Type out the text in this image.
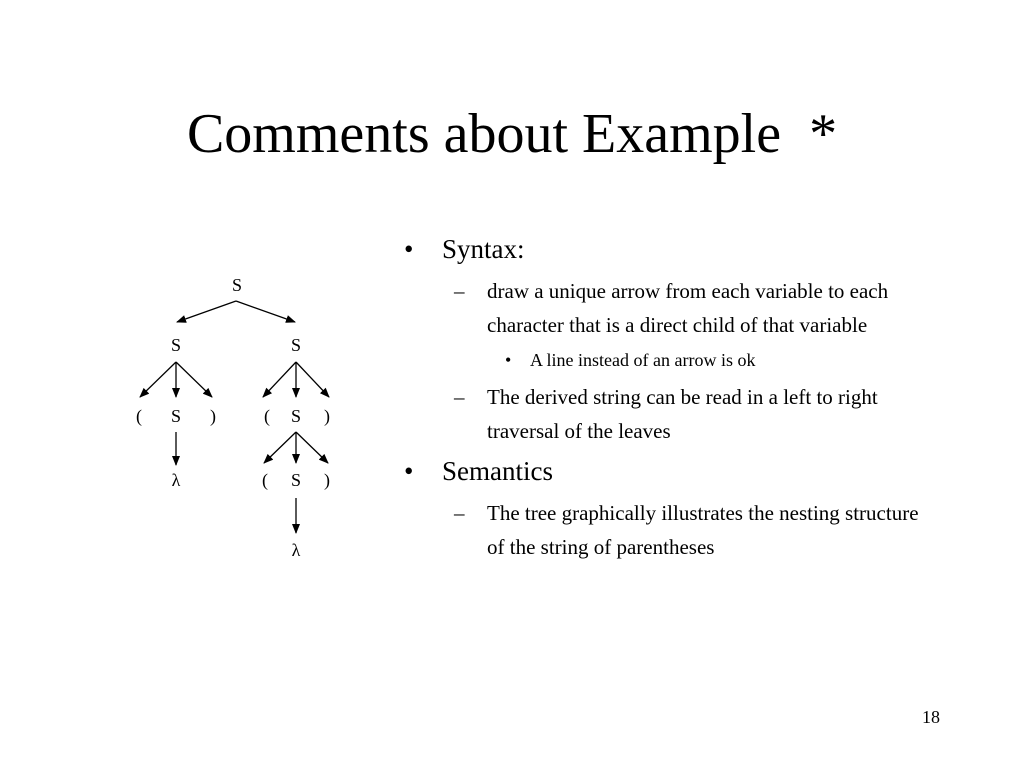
Comments about Example  *
S
S	S
( S )	( S )
λ	( S )
λ
• Syntax:
– draw a unique arrow from each variable to each character that is a direct child of that variable
• A line instead of an arrow is ok
– The derived string can be read in a left to right traversal of the leaves
• Semantics
– The tree graphically illustrates the nesting structure of the string of parentheses
18
